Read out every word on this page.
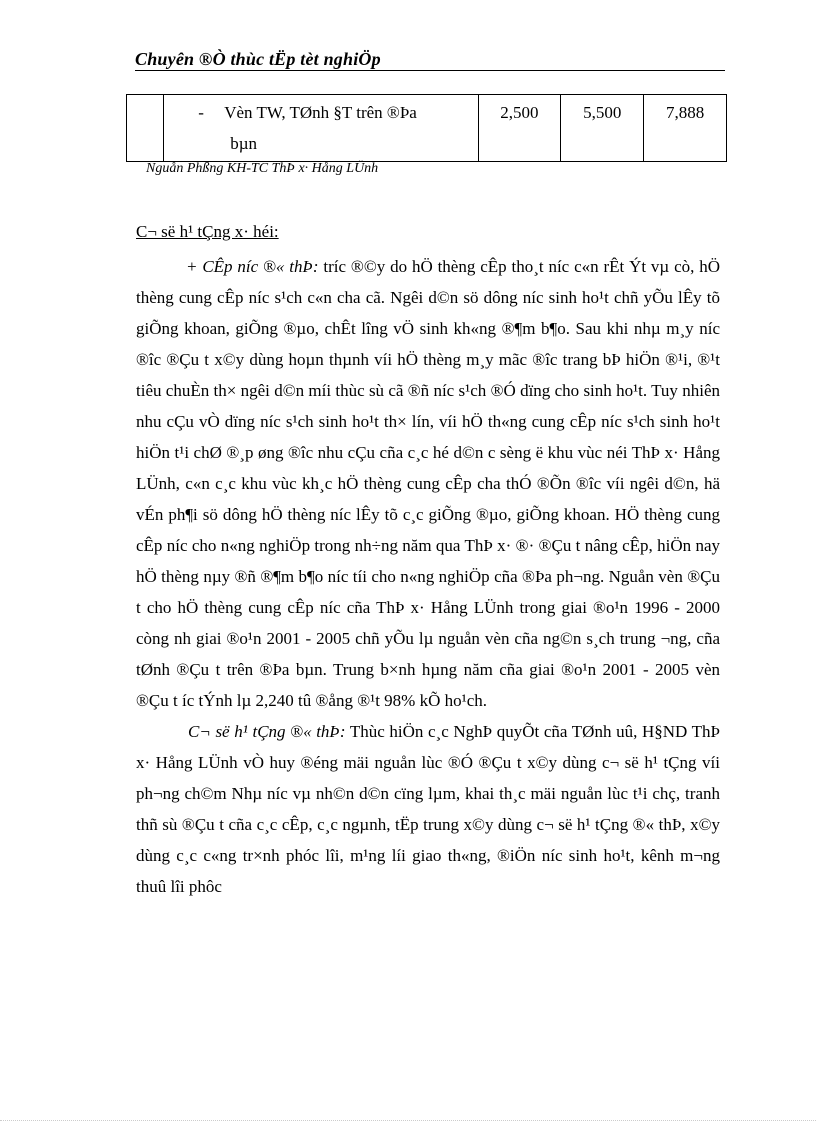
Chuyên ®Ò thùc tËp tèt nghiÖp

- Vèn TW, TØnh §T trên ®Þa
bµn
	2,500	5,500	7,888
Nguån Phßng KH-TC ThÞ x· Hång LÜnh
C¬ së h¹ tÇng x· héi:

+ CÊp níc ®« thÞ: tríc ®©y do hÖ thèng cÊp tho¸t níc c«n rÊt Ýt vµ cò, hÖ thèng cung cÊp níc s¹ch c«n cha cã. Ngêi d©n sö dông níc sinh ho¹t chñ yÕu lÊy tõ giÕng khoan, giÕng ®µo, chÊt lîng vÖ sinh kh«ng ®¶m b¶o. Sau khi nhµ m¸y níc ®îc ®Çu t x©y dùng hoµn thµnh víi hÖ thèng m¸y mãc ®îc trang bÞ hiÖn ®¹i, ®¹t tiêu chuÈn th× ngêi d©n míi thùc sù cã ®ñ níc s¹ch ®Ó dïng cho sinh ho¹t. Tuy nhiên nhu cÇu vÒ dïng níc s¹ch sinh ho¹t th× lín, víi hÖ th«ng cung cÊp níc s¹ch sinh ho¹t hiÖn t¹i chØ ®¸p øng ®îc nhu cÇu cña c¸c hé d©n c sèng ë khu vùc néi ThÞ x· Hång LÜnh, c«n c¸c khu vùc kh¸c hÖ thèng cung cÊp cha thÓ ®Õn ®îc víi ngêi d©n, hä vÉn ph¶i sö dông hÖ thèng níc lÊy tõ c¸c giÕng ®µo, giÕng khoan. HÖ thèng cung cÊp níc cho n«ng nghiÖp trong nh÷ng năm qua ThÞ x· ®· ®Çu t nâng cÊp, hiÖn nay hÖ thèng nµy ®ñ ®¶m b¶o níc tíi cho n«ng nghiÖp cña ®Þa ph¬ng. Nguån vèn ®Çu t cho hÖ thèng cung cÊp níc cña ThÞ x· Hång LÜnh trong giai ®o¹n 1996 - 2000 còng nh giai ®o¹n 2001 - 2005 chñ yÕu lµ nguån vèn cña ng©n s¸ch trung ¬ng, cña tØnh ®Çu t trên ®Þa bµn. Trung b×nh hµng năm cña giai ®o¹n 2001 - 2005 vèn ®Çu t íc tÝnh lµ 2,240 tû ®ång ®¹t 98% kÕ ho¹ch.

C¬ së h¹ tÇng ®« thÞ: Thùc hiÖn c¸c NghÞ quyÕt cña TØnh uû, H§ND ThÞ x· Hång LÜnh vÒ huy ®éng mäi nguån lùc ®Ó ®Çu t x©y dùng c¬ së h¹ tÇng víi ph¬ng ch©m Nhµ níc vµ nh©n d©n cïng lµm, khai th¸c mäi nguån lùc t¹i chç, tranh thñ sù ®Çu t cña c¸c cÊp, c¸c ngµnh, tËp trung x©y dùng c¬ së h¹ tÇng ®« thÞ, x©y dùng c¸c c«ng tr×nh phóc lîi, m¹ng líi giao th«ng, ®iÖn níc sinh ho¹t, kênh m¬ng thuû lîi phôc
